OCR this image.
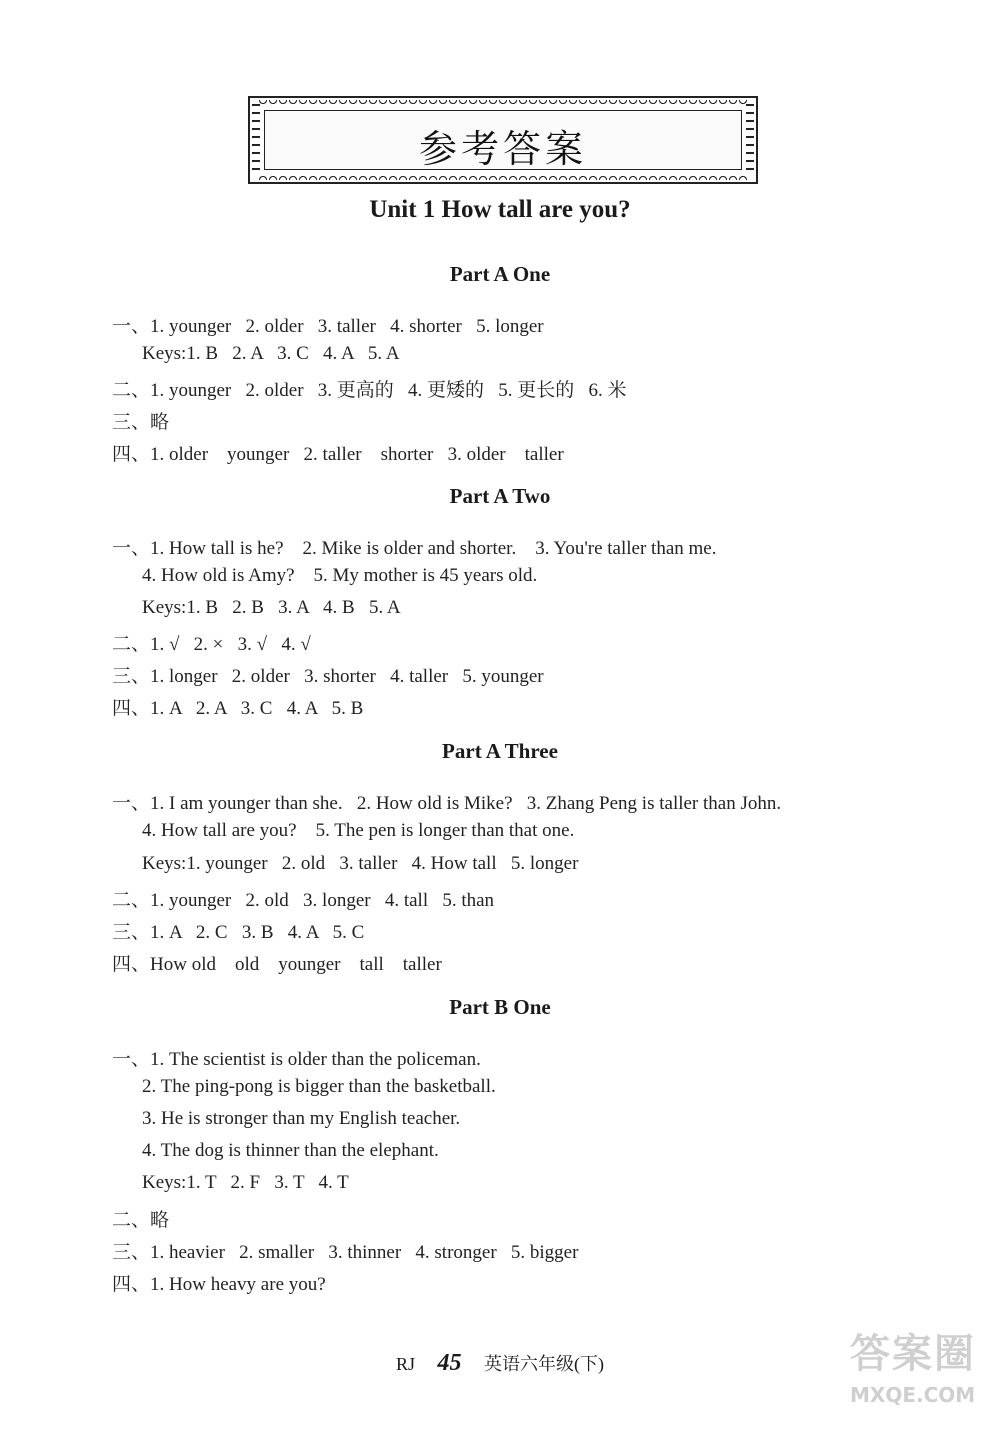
参考答案
Unit 1 How tall are you?
Part A One
一、1. younger   2. older   3. taller   4. shorter   5. longer
Keys:1. B   2. A   3. C   4. A   5. A
二、1. younger   2. older   3. 更高的   4. 更矮的   5. 更长的   6. 米
三、略
四、1. older    younger   2. taller    shorter   3. older    taller
Part A Two
一、1. How tall is he?    2. Mike is older and shorter.    3. You're taller than me.
4. How old is Amy?    5. My mother is 45 years old.
Keys:1. B   2. B   3. A   4. B   5. A
二、1. √   2. ×   3. √   4. √
三、1. longer   2. older   3. shorter   4. taller   5. younger
四、1. A   2. A   3. C   4. A   5. B
Part A Three
一、1. I am younger than she.   2. How old is Mike?   3. Zhang Peng is taller than John.
4. How tall are you?    5. The pen is longer than that one.
Keys:1. younger   2. old   3. taller   4. How tall   5. longer
二、1. younger   2. old   3. longer   4. tall   5. than
三、1. A   2. C   3. B   4. A   5. C
四、How old    old    younger    tall    taller
Part B One
一、1. The scientist is older than the policeman.
2. The ping-pong is bigger than the basketball.
3. He is stronger than my English teacher.
4. The dog is thinner than the elephant.
Keys:1. T   2. F   3. T   4. T
二、略
三、1. heavier   2. smaller   3. thinner   4. stronger   5. bigger
四、1. How heavy are you?
RJ 45 英语六年级(下)	答案圈
MXQE.COM
